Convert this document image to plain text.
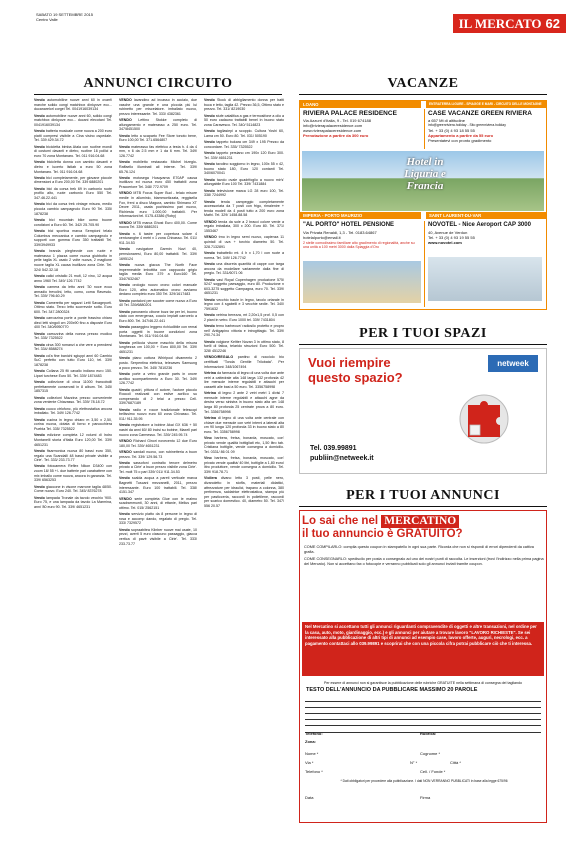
SABATO 19 SETTEMBRE 2015
Centro Valle	IL MERCATO 62
ANNUNCI CIRCUITO	VACANZE

Vendo automobiline nuove anni 60 in ovarrli marche solido congi matchbox dinkyove ecc... ducanarelorl corgei Tel. 0041916039134

Vendo automobiline nuove anni 60, solido congi matchbox dinkyove ecc... ducani elecotani Tel. 0041916039134

Vendo batteria musicale come nuova a 200 euro piatti compresi visibile a Cina visino ospedale. Tel. 339 429.34.72

Vendo bicicletta bimba Atala con ruotine mondi di costumi davanti e dietro, ruotine 16 pollici a euro 70 zona Montanaro. Tel. 011 916.04.68

Vendo bicicletta donna con cambio davanti e dietro e lucerto listlab a euro 50 zona Montanaro. Tel. 011 916.04.68

Vendo bici completamente, per giovane piccole dimensioni a Euro 200,00 Tel. 339 6880201

Vendo bici da corsa trek 69 in carbonio ruote profilo alto, ruote carbonio Euro 550 Tel. 347.46.22.441

Vendo bici da corsa trek vintage misura, medio piccola cambio campagnolo Euro 90 Tel. 335/ 1878238

Vendo bici mountain bike uomo buone condizioni a Euro 60. Tel. 342/ 25.705.90

Vendo bici sportiva marca Sempioni telaio Columbus meccanica e cambio campagnolo e supporti con gomma Euro 350 trattabili Tel. 339/3949933

Vendo branda pieghevole con ruote e materasso 1 piazza come nuova giubbotto in pelle taglia XL usato 2 volte nuova, 2 maglione nuove taglia XL causa inutilizzo zona Cirie. Tel. 324/ 542.32.18

Vendo calici cristallo 21 mult, 12 vino, 12 acqua anno 1960 Tel. 349/ 126.7742

Vendo camera da letto anni '30 noce ecuo armadio trevolini, letto, como, coma Ravesdo. Tel. 339/ 796.60.29

Vendo Cameretta per ragazzi Letti Savageporti. Ottimo stato. Terzo letto scorrevole sotto. Euro 600. Tel. 347.2800324

Vendo carrozzina porte a ponte frassino chiaro dieci letti singoli cm 200x90 fino a disposte Euro 400 Tel. 340/6950770

Vendo carrozzina della nonna prezzo modico Tel. 335/ 7325522

Vendo circa 300 romanzi a che vere a prendersi Tel. 334/ 8588274

Vendo cd'a fine banichi sgluppi anni 60 Cambio SuC perfetto con tutto Euro 110, tel. 339/ 1878238

Vendo Collana 25 fili cavallo indiano euro 150. Lipari turchese Euro 50. Tel. 339/ 1874483

Vendo collezione di circa 11000 francobolli perfettamente conservati in 8 album. Tel. 345/ 1857315

Vendo collezioni Mazzina prezzo conveniente zona veniente Chiavasso. Tel. 339/ 78.18.72

Vendo cuoco ctrlofonc, più elettrostatica ancora imballato. Tel. 349/ 126.7742

Vendo cucina in legno chiaro m 3,50 x 2,50, corina nuova, dotata di forno e panocchiera Puebla Tel. 335/ 7325522

Vendo edizione completa 12 volumi di Indro Montanelli storia d'Italia Euro 120,00 Tel. 339/ 4651231

Vendo fisarmonica nuova 80 bassi euro 350, regalo una Scandalli 48 bassi private visibile a Cirie'. Tel. 333/ 233.73.77

Vendo fotocamera Reflex Nikon D3400 con zoom 18/ 55 +/- due batterie pari carabattere con mix imballo come nuova, ancora in garanzia. Tel. 339/ 6563253

Vendo giaccone in visone marrone taglia 48/50. Come nuovo. Euro 240. Tel. 345/ 8376278

Vendo lampada Tronale da tavolo vecchio '900. Euro 75, e una lampada da tavolo La Marmina, anni '80 euro 90. Tel. 339/ 4651231

VENDO lavandino ad incasso in acciaio, due vasche una grande e una piccola più lui rubinetto per miscelatore. imballato nuovo, prezzo interessante. Tel. 333/ 4382361

VENDO Lettino Stokke completo di allungamento e materasso a 250 euro. Tel. 347/8451500

Vendo letto a scaparto Fee Store tonoto bene, Euro 100,00 Tel. 371.6564807

Vendo materasso fas elettrico a testa h. 4 da 4 mm, n 6 da 2.5 mm e 1 da 6 mm. Tel. 349/ 126.7742

Vendo mobiletto restaurato Michel bizeglo- Raffaello illuminati ali interne. Tel. 339/ 65.76.124

Vendo motosega Husqvarna E70AP causa inutilizzo ed nuova euro 450 trattabili zona Pracceriore Tel. 348/ 772.9709

VENDO MTB Focus Super Bud - telaio misure medie in alluminio, biammortizzata, reggisella Fox, freni a disco Magura, cambio Shimano XT Deore 2011, usata pochissimo pari nuovo, Richiesta euro 1.000,00 trattabili. Per informazioni tel. 0175-43386 (Roby)

VENDO MTB marca Ghost Euro 400,00. Come nuova Tel. 339/ 6880201

Vendo n. 6 tastre per copertura solare 4 centuranghe 4 metri x 1 zona Chivasso. Tel. 011/ 911.34.53

Vendo navigatore Garmin Nuvi 40, pernsionaresi, Euro 80,00 trattabili. Tel. 339/ 1695124

Vendo nuova giacca The North Face impermeabile imbottita con cappuccio grigio taglia media Euro 379 a Euro160 Tel. 334/7632467

Vendo orologio nuovo crono colori manuale Euro 120, altro automatico crono avviamo dedano completo euro 350 Tel. 329/1617483

Vendo pantaloni per scooter come nuovo a Euro 40 Tel. 339/6880201

Vendo panoramio cibone buzz tar per lei, buono stato con emergenza, coccio impiatt carrorelo a Euro 800. Tel. 347/46.22.441

Vendo passeggino leggero richiudibile con remai porta oggetti in buone condizioni zona Montanaro. Tel. 011/ 916.04.68

Vendo pelliccia visone maschio della misura lunghezza cm 100,00 + Euro 800,00 Tel. 339/ 4651231

Vendo piano cottura Whirlpool divamento 2 posto. Serpentina elettrica, telecaves Samsung a poco prezzo. Tel. 345/ 7810236

Vendo porte a vetro grande parts in onore acrilico scompartimento a Euro 30. Tel. 349/ 126.7742

Vendo quadri, pittura d' autore, l'autore piccolo Roccoii realizzati con estive acrilico su comperando di 2 telai a prezzo Cell. 339/7687/189

Vendo radio e rocce tradizionale telescopi bellissimo nuovo euro 60 zona Chivasso. Tel. 011/ 911.35.95

Vendo registratore a bobine Akai GX 636 + 50 nastri da anni 60/ 80 incisi su bobine, Maxell pari nuovo zona Carmesso. Tel. 339/ 245.95.74

VENDO Richard Ginori novecento 12 due Euro 180,00 Tel. 339/ 4651231

VENDO sandali nuovo, con rubinetteria a buon prezzo. Tel. 339/ 129.56.73

Vendo sassofoni contralto tenore delmetro privato a Cirie' a buon prezzo visibile zona Cirie'. Tel. molt 75 o pari 339/ 011/ 911.34.53

Vendo scalda acqua a pareti verticale marca Bagnetti Tuscani mezzanelli, 2011, prezzo interessante. Euro 100 trattabili. Tel. 338/ 4151.347

VENDO serie completa Glue con le malmo scadrammunti, 30 anni, di ettanie, Mellus pari ottimo. Tel. 015/ 2562151

Vendo servizio piatto da 8 persone in legno di rosa e accomp dando, regalato di pregio. Tel. 333/ 7329572

Vendo sopraabitea Kilnber nuove mai usate, 10 pezzi, averti 5 euro ciascuno passaggio, giacca vertica di pavè visibile a Cirie'. Tel. 333/ 233.73.77

Vendo Stock di abbigliamento donna per batti buca e letto, taglia 42. Prezzo 36,5, Ottimo stato e prezzo. Tel. 331/ 8219030

Vendo stufe catalitica a gas e termosifone a olio a 50 euro cadauno trattabili benel in buono stato zona Caravesco. Tel. 340/ 5114823

Vendo tagliasiepi a scoppio. Cultura Yoshi 60, Lama cm 50. Euro 80. Tel. 031/ 505190

Vendo tappeto bukara cm 349 x 195 Prezzo da concordare. Tel. 335/ 7325522

Vendo tappeto persiano cm 190x 120 Euro 300. Tel. 339/ 4651231

Vendo tavolino soggiorno in legno, 100x 55 x 42, buono stato 180, Euro 120 contanti Tel. 340/6070041

Vendo tavolo ovale quadrifoglio a nuovo mir's' allungabile Euro 100 Tel. 339/ 7431884

Vendo televisione marca LG 28 euro 100, Tel. 338/ 7244992

Vendo tenda campeggio completamente accessoriata da 7 posti con frigo, rimalenire + tenda modell da 4 posti tutto a 200 euro zona Mathi. Tel. 329/ 1458.88.58

VENDO tenda da sole a 2 bracci colore verde a regalo imballata, 300 x 200. Euro 80. Tel. 371/ 1553467

VENDO trno in legno semi nuovo, capienza 11 quintali di uva + torchio diametro 50. Tel. 328.7132891

Vendo trabattello mt. 4 h x 1,70 l con ruote a norma. Tel. 349/ 126.7742

Vendo una discreta quantità di cappe con targa ancora da modellare variamente dalla fine di pregio. Tel. 331/6071 06

Vendo vasi Royal Copenhagen produzione 575/ 5247 soggetto paesaggio, euro 80. Produzione n 603-3275 soggetto Campagna, euro 70. Tel. 339/ 4651231

Vendo vecchio baule in legno, tavolo ortarale in legno con 4 sgabelli e 3 vecchie sedie. Tel. 340/ 7591632

Vendo vetrina berezza, mt 2,20x1,5 prof. 0,5 con 2 piani in vetro. Euro 1000 tel. 339/ 7431804

Vendo temo barbecue/ radiosilo protetto e propro nell' Antigapino vittoria e introgittagio. Tel. 339/ 290.74.34

Vendo volgione Keltter Novan 3 in ottimo stato, 8 fuelli di fatica, telarido struzioni Euro 500. Tel. 328/ 4512246

VENDO/REGALO pantino di nocciolo bio certificati "Tonda Gentile Trilobata". Per informazioni: 348/1067494

Vetrina da farmacia di legno di una volta due ante vetri a cattedrale alta 148 larga 132 profonda 42 lire mensole interne regolabili e attacchi per cassetti alle basi a 50 euro. Tel. 3356758998

Vetrina di legno 2 ante 2 vetri metri 1 divisi 7 mensole interne regolabili e attacchi agne da destra verso sinistra in buono stato alta cm 148 larga 80 profonda 25 centrate prova a 80 euro. Tel. 3356758998

Vetrina di legno di una volta ante centrale con chiave due mensole con vetri interni a laterali alta cm 90 lunga 120 profonda 33 in buono stato a 80 euro. Tel. 3356758998

Vino barbera, freisa, bonarda, moscato, con' privato vende qualità bottigliati etc, 1,50 litro tab. Cristiana bottiglie, vende consegna a domicilio. Tel. 0331/ 86 01 09

Vino barbera, freisa, bonarda, moscato, con' privato vende qualità/ 40 litri, bottiglie a 1,80 euro/ litro produttore, vende consegna a domicilio. Tel. 339/ 918.78.71

Violiera divano letto 3 posti, pelle nero, divanoletto in stoffa, materiali didattici, attrezzature per idraulici, trapano a colonna, 380 pertinenza, saldatrice elettrostatica, stampa più per pasticceria, raccordi in polietilene, raccordi per scarico domestico. 40, diametro 50. Tel. 347/ 556 20.57

LOANO	ENTRATERRA LIGURE - SPIAGGE E MARI - CIRCUITO DELLE MONTAGNE
RIVIERA PALACE RESIDENCE
Via Azzurri d'Italia, 9 - Tel. 019 674188
info@rivierapalaceresidence.com
www.rivierapalaceresidence.com
Prenotazione a partire da 300 euro
CASE VACANZE GREEN RIVIERA
a 657 Mt di altitudine
info@greenriviera.holiday - Sito greenriviera.holiday
Tel. + 33 (0) 4 93 18 55 55
Appartamento a partire da 55 euro
Presentatevi con pronto gradimento
Hotel in Liguria e Francia
IMPERIA - PORTO MAURIZIO	SAINT LAURENT-DU-VAR
"AL PORTO" HOTEL PENSIONE
Via Privata Renaldi, 1,3 - Tel. 0183.64867
hotelalporto@email.it
2 stelle comodissimo familiare alto gradimento di regionalità, anche su una unità a 100 metri 3000 dalla Spiaggia d'Oro
NOVOTEL - Nice Aeroport CAP 3000
40, Avenue de Verdun
Tel. + 33 (0) 4 93 19 55 55
www.novotel.com
PER I TUOI SPAZI
Vuoi riempire
questo spazio?
netweek
Tel. 039.99891
publiin@netweek.it
PER I TUOI ANNUNCI
Lo sai che nel MERCATINO
il tuo annuncio è GRATUITO?
COME COMPILARLO: compila questo coupon in stampatello in ogni sua parte. Ricorda che non si rispondi di errori dipendenti da cattiva grafia.
COME CONSEGNARLO: spediscilo per posta o consegnalo ad uno dei nostri punti di raccolta. Le inserzioni (trovi l'indirizzo nella prima pagina del Mercato). Non si accettano fax o fotocopie e verranno pubblicati solo gli annunci inviati tramite coupon.
Nel Mercatino si accettano tutti gli annunci riguardanti compravendite di oggetti e altre transazioni, nel ordine per la casa, auto, moto, giardinaggio, ecc.) e gli annunci per aiutare a trovare lavoro "LAVORO RICHIESTE". Se sei interessato alla pubblicazione di altri tipi di annunci ad esempio case, lavoro offerte, auguri, necrologi, ecc. a pagamento contattaci allo 039.99891 e scoprirai che con una piccola cifra potrai pubblicare ciò che ti interessa.
Per essere di annunci non si garantisce la pubblicazione delle rubriche GRATUITE nella settimana di consegna del tagliando
TESTO DELL'ANNUNCIO DA PUBBLICARE MASSIMO 20 PAROLE
Telefono:	Rubrica:
Zona:
Nome *	Cognome *
Via *	N° *	Città *
Telefono *	Cell. / Fonde *
* Dati obbligatori per procedere alla pubblicazione. I dati NON VERRANNO PUBBLICATI in base alla legge 675/96
Data	Firma
